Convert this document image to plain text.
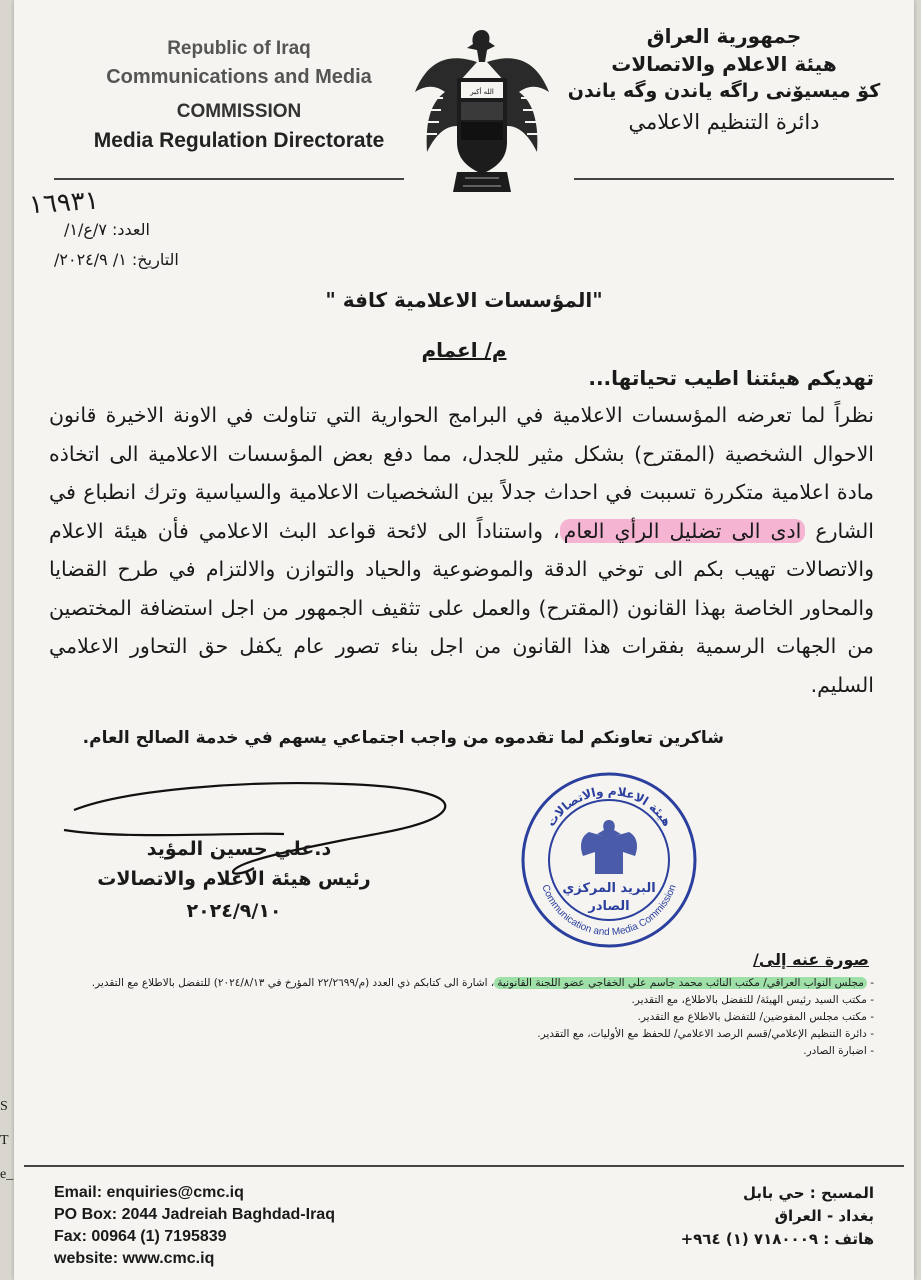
S
T
e_
Republic of Iraq
Communications and Media
COMMISSION
Media Regulation Directorate
الله أكبر
جمهورية العراق
هيئة الاعلام والاتصالات
كۆ میسیۆنی راگه یاندن وگه یاندن
دائرة التنظيم الاعلامي
١٦٩٣١
العدد: ٧/ع/١/
التاريخ: ١/ ٢٠٢٤/٩/
"المؤسسات الاعلامية كافة "
م/ اعمام
تهديكم هيئتنا اطيب تحياتها...
نظراً لما تعرضه المؤسسات الاعلامية في البرامج الحوارية التي تناولت في الاونة الاخيرة قانون الاحوال الشخصية (المقترح) بشكل مثير للجدل، مما دفع بعض المؤسسات الاعلامية الى اتخاذه مادة اعلامية متكررة تسببت في احداث جدلاً بين الشخصيات الاعلامية والسياسية وترك انطباع في الشارع ادى الى تضليل الرأي العام، واستناداً الى لائحة قواعد البث الاعلامي فأن هيئة الاعلام والاتصالات تهيب بكم الى توخي الدقة والموضوعية والحياد والتوازن والالتزام في طرح القضايا والمحاور الخاصة بهذا القانون (المقترح) والعمل على تثقيف الجمهور من اجل استضافة المختصين من الجهات الرسمية بفقرات هذا القانون من اجل بناء تصور عام يكفل حق التحاور الاعلامي السليم.
شاكرين تعاونكم لما تقدموه من واجب اجتماعي يسهم في خدمة الصالح العام.
د.علي حسين المؤيد
رئيس هيئة الاعلام والاتصالات
٢٠٢٤/٩/١٠
هيئة الاعلام والاتصالات
Communication and Media Commission
البريد المركزي
الصادر
صورة عنه إلى/
- مجلس النواب العراقي/ مكتب النائب محمد جاسم علي الخفاجي عضو اللجنة القانونية، اشارة الى كتابكم ذي العدد (م/٢٢/٢٦٩٩ المؤرخ في ٢٠٢٤/٨/١٣) للتفضل بالاطلاع مع التقدير.
- مكتب السيد رئيس الهيئة/ للتفضل بالاطلاع، مع التقدير.
- مكتب مجلس المفوضين/ للتفضل بالاطلاع مع التقدير.
- دائرة التنظيم الإعلامي/قسم الرصد الاعلامي/ للحفظ مع الأوليات، مع التقدير.
- اضبارة الصادر.
Email: enquiries@cmc.iq
PO Box: 2044 Jadreiah Baghdad-Iraq
Fax: 00964 (1) 7195839
website: www.cmc.iq
المسبح : حي بابل
بغداد - العراق
هاتف : ٧١٨٠٠٠٩ (١) ٩٦٤+
